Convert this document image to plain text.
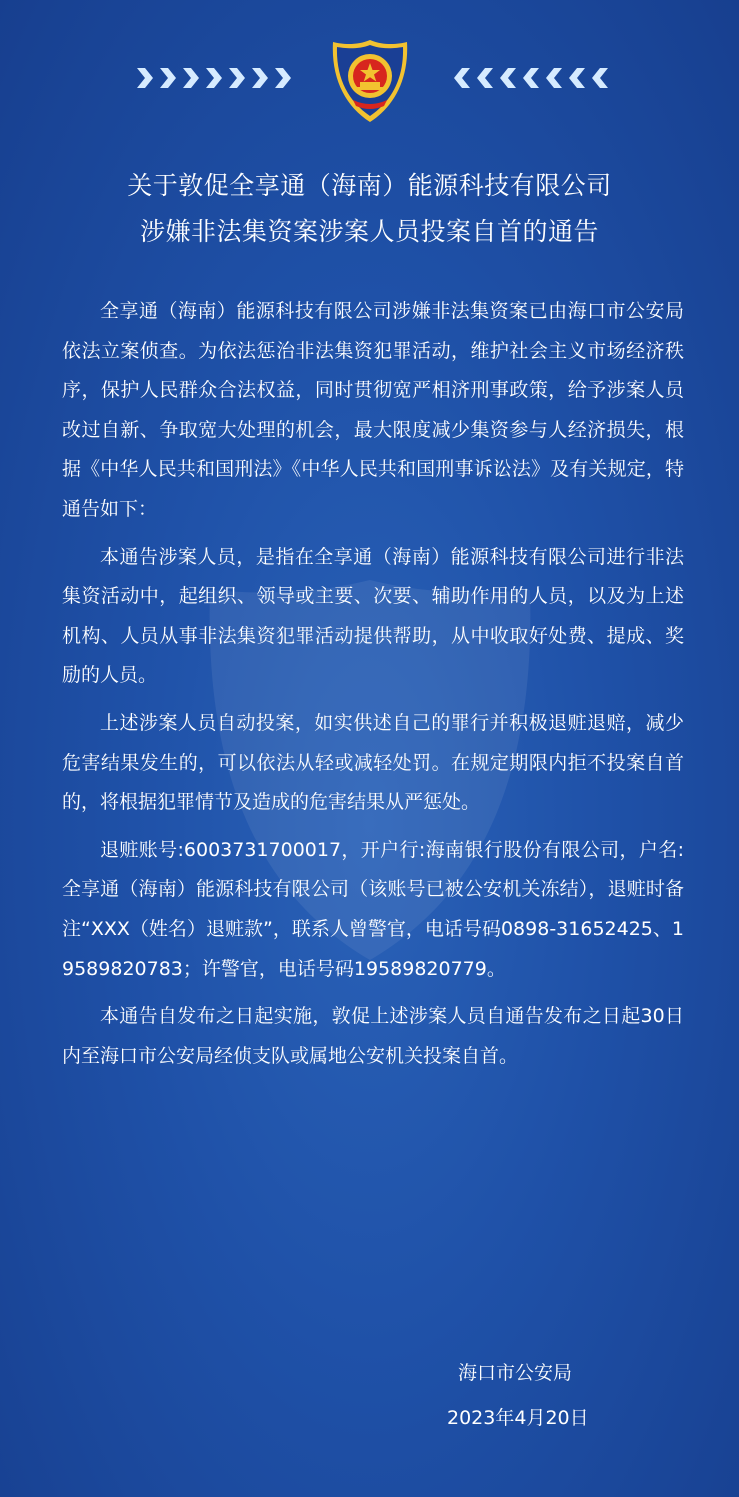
关于敦促全享通（海南）能源科技有限公司
涉嫌非法集资案涉案人员投案自首的通告

全享通（海南）能源科技有限公司涉嫌非法集资案已由海口市公安局依法立案侦查。为依法惩治非法集资犯罪活动，维护社会主义市场经济秩序，保护人民群众合法权益，同时贯彻宽严相济刑事政策，给予涉案人员改过自新、争取宽大处理的机会，最大限度减少集资参与人经济损失，根据《中华人民共和国刑法》《中华人民共和国刑事诉讼法》及有关规定，特通告如下：

本通告涉案人员，是指在全享通（海南）能源科技有限公司进行非法集资活动中，起组织、领导或主要、次要、辅助作用的人员，以及为上述机构、人员从事非法集资犯罪活动提供帮助，从中收取好处费、提成、奖励的人员。

上述涉案人员自动投案，如实供述自己的罪行并积极退赃退赔，减少危害结果发生的，可以依法从轻或减轻处罚。在规定期限内拒不投案自首的，将根据犯罪情节及造成的危害结果从严惩处。

退赃账号:6003731700017，开户行:海南银行股份有限公司，户名:全享通（海南）能源科技有限公司（该账号已被公安机关冻结），退赃时备注“XXX（姓名）退赃款”，联系人曾警官，电话号码0898-31652425、19589820783；许警官，电话号码19589820779。

本通告自发布之日起实施，敦促上述涉案人员自通告发布之日起30日内至海口市公安局经侦支队或属地公安机关投案自首。

海口市公安局
2023年4月20日
